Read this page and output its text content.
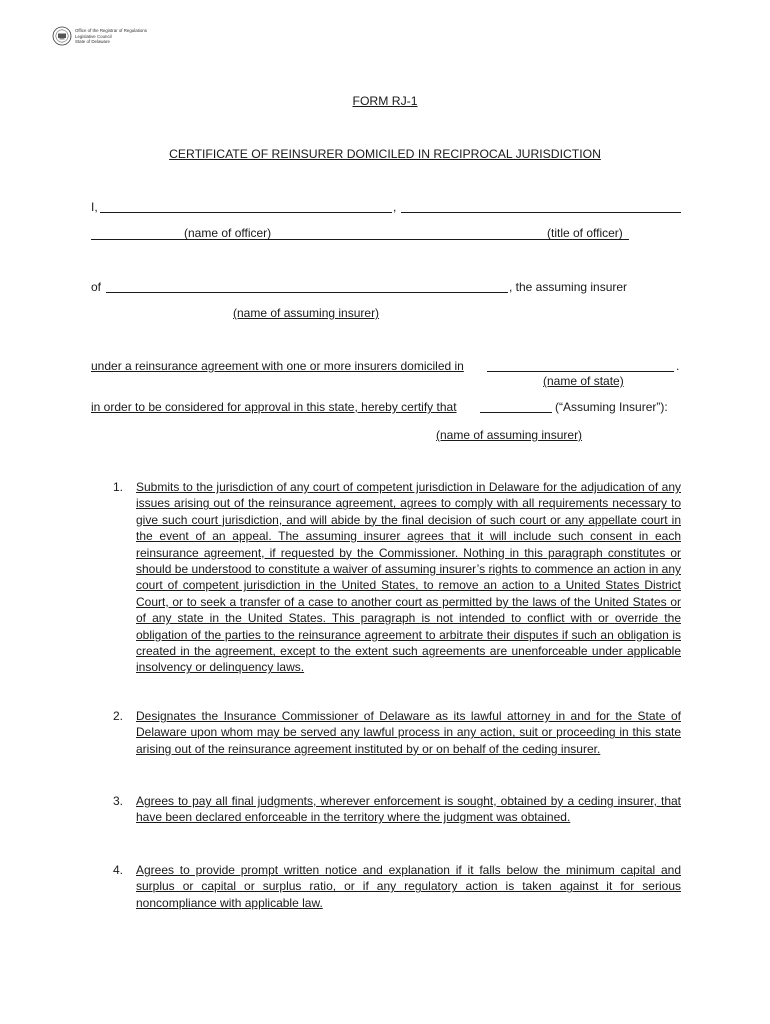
Office of the Registrar of Regulations
Legislative Council
State of Delaware
FORM RJ-1
CERTIFICATE OF REINSURER DOMICILED IN RECIPROCAL JURISDICTION
I,	,
(name of officer)	(title of officer)
of	, the assuming insurer
(name of assuming insurer)
under a reinsurance agreement with one or more insurers domiciled in	.
(name of state)
in order to be considered for approval in this state, hereby certify that	(“Assuming Insurer”):
(name of assuming insurer)
1. Submits to the jurisdiction of any court of competent jurisdiction in Delaware for the adjudication of any issues arising out of the reinsurance agreement, agrees to comply with all requirements necessary to give such court jurisdiction, and will abide by the final decision of such court or any appellate court in the event of an appeal. The assuming insurer agrees that it will include such consent in each reinsurance agreement, if requested by the Commissioner. Nothing in this paragraph constitutes or should be understood to constitute a waiver of assuming insurer’s rights to commence an action in any court of competent jurisdiction in the United States, to remove an action to a United States District Court, or to seek a transfer of a case to another court as permitted by the laws of the United States or of any state in the United States. This paragraph is not intended to conflict with or override the obligation of the parties to the reinsurance agreement to arbitrate their disputes if such an obligation is created in the agreement, except to the extent such agreements are unenforceable under applicable insolvency or delinquency laws.
2. Designates the Insurance Commissioner of Delaware as its lawful attorney in and for the State of Delaware upon whom may be served any lawful process in any action, suit or proceeding in this state arising out of the reinsurance agreement instituted by or on behalf of the ceding insurer.
3. Agrees to pay all final judgments, wherever enforcement is sought, obtained by a ceding insurer, that have been declared enforceable in the territory where the judgment was obtained.
4. Agrees to provide prompt written notice and explanation if it falls below the minimum capital and surplus or capital or surplus ratio, or if any regulatory action is taken against it for serious noncompliance with applicable law.
